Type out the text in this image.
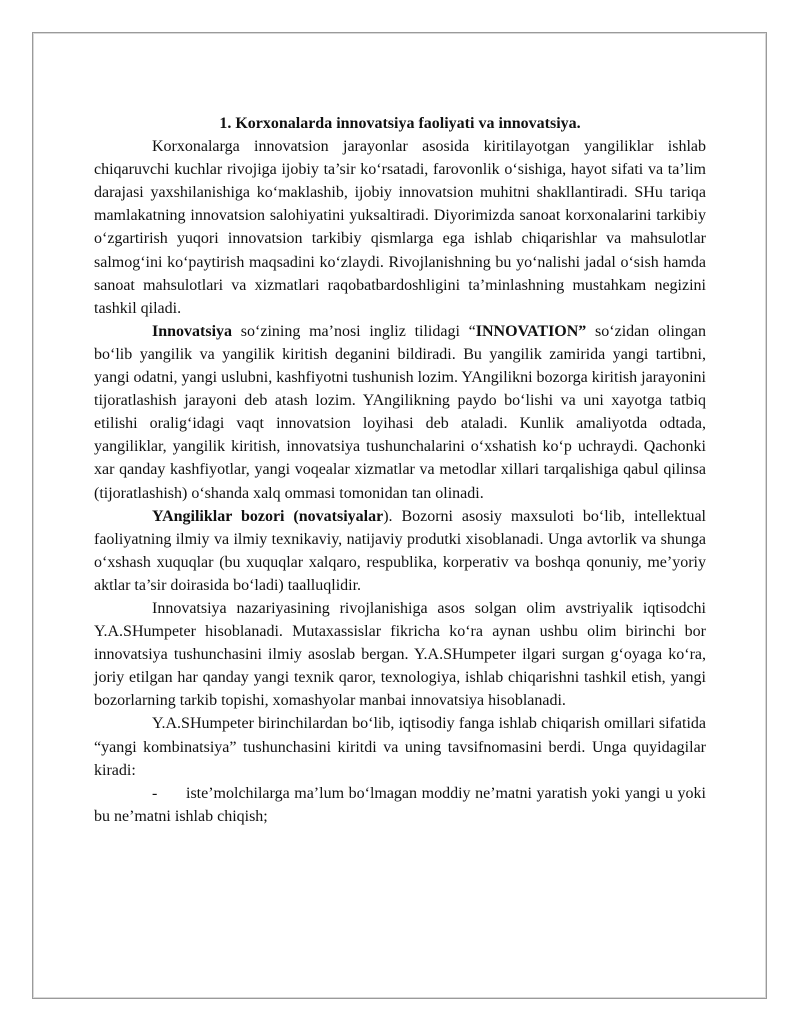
1. Korxonalarda innovatsiya faoliyati va innovatsiya.

Korxonalarga innovatsion jarayonlar asosida kiritilayotgan yangiliklar ishlab chiqaruvchi kuchlar rivojiga ijobiy ta’sir ko‘rsatadi, farovonlik o‘sishiga, hayot sifati va ta’lim darajasi yaxshilanishiga ko‘maklashib, ijobiy innovatsion muhitni shakllantiradi. SHu tariqa mamlakatning innovatsion salohiyatini yuksaltiradi. Diyorimizda sanoat korxonalarini tarkibiy o‘zgartirish yuqori innovatsion tarkibiy qismlarga ega ishlab chiqarishlar va mahsulotlar salmog‘ini ko‘paytirish maqsadini ko‘zlaydi. Rivojlanishning bu yo‘nalishi jadal o‘sish hamda sanoat mahsulotlari va xizmatlari raqobatbardoshligini ta’minlashning mustahkam negizini tashkil qiladi.

Innovatsiya so‘zining ma’nosi ingliz tilidagi “INNOVATION” so‘zidan olingan bo‘lib yangilik va yangilik kiritish deganini bildiradi. Bu yangilik zamirida yangi tartibni, yangi odatni, yangi uslubni, kashfiyotni tushunish lozim. YAngilikni bozorga kiritish jarayonini tijoratlashish jarayoni deb atash lozim. YAngilikning paydo bo‘lishi va uni xayotga tatbiq etilishi oralig‘idagi vaqt innovatsion loyihasi deb ataladi. Kunlik amaliyotda odtada, yangiliklar, yangilik kiritish, innovatsiya tushunchalarini o‘xshatish ko‘p uchraydi. Qachonki xar qanday kashfiyotlar, yangi voqealar xizmatlar va metodlar xillari tarqalishiga qabul qilinsa (tijoratlashish) o‘shanda xalq ommasi tomonidan tan olinadi.

YAngiliklar bozori (novatsiyalar). Bozorni asosiy maxsuloti bo‘lib, intellektual faoliyatning ilmiy va ilmiy texnikaviy, natijaviy produtki xisoblanadi. Unga avtorlik va shunga o‘xshash xuquqlar (bu xuquqlar xalqaro, respublika, korperativ va boshqa qonuniy, me’yoriy aktlar ta’sir doirasida bo‘ladi) taalluqlidir.

Innovatsiya nazariyasining rivojlanishiga asos solgan olim avstriyalik iqtisodchi Y.A.SHumpeter hisoblanadi. Mutaxassislar fikricha ko‘ra aynan ushbu olim birinchi bor innovatsiya tushunchasini ilmiy asoslab bergan. Y.A.SHumpeter ilgari surgan g‘oyaga ko‘ra, joriy etilgan har qanday yangi texnik qaror, texnologiya, ishlab chiqarishni tashkil etish, yangi bozorlarning tarkib topishi, xomashyolar manbai innovatsiya hisoblanadi.

Y.A.SHumpeter birinchilardan bo‘lib, iqtisodiy fanga ishlab chiqarish omillari sifatida “yangi kombinatsiya” tushunchasini kiritdi va uning tavsifnomasini berdi. Unga quyidagilar kiradi:

- iste’molchilarga ma’lum bo‘lmagan moddiy ne’matni yaratish yoki yangi u yoki bu ne’matni ishlab chiqish;
